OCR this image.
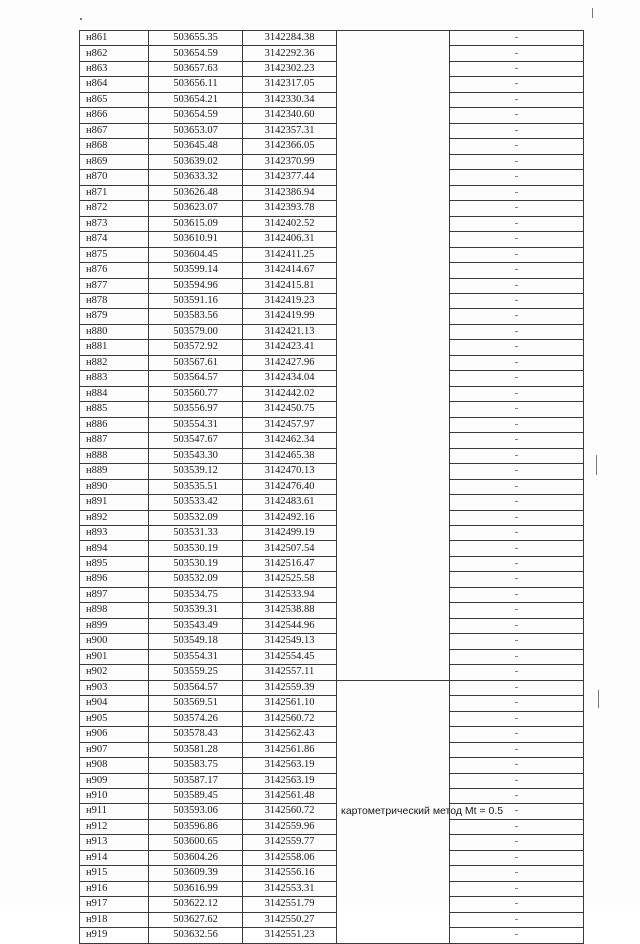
н861	503655.35	3142284.38		-
н862	503654.59	3142292.36		-
н863	503657.63	3142302.23		-
н864	503656.11	3142317.05		-
н865	503654.21	3142330.34		-
н866	503654.59	3142340.60		-
н867	503653.07	3142357.31		-
н868	503645.48	3142366.05		-
н869	503639.02	3142370.99		-
н870	503633.32	3142377.44		-
н871	503626.48	3142386.94		-
н872	503623.07	3142393.78		-
н873	503615.09	3142402.52		-
н874	503610.91	3142406.31		-
н875	503604.45	3142411.25		-
н876	503599.14	3142414.67		-
н877	503594.96	3142415.81		-
н878	503591.16	3142419.23		-
н879	503583.56	3142419.99		-
н880	503579.00	3142421.13		-
н881	503572.92	3142423.41		-
н882	503567.61	3142427.96		-
н883	503564.57	3142434.04		-
н884	503560.77	3142442.02		-
н885	503556.97	3142450.75		-
н886	503554.31	3142457.97		-
н887	503547.67	3142462.34		-
н888	503543.30	3142465.38		-
н889	503539.12	3142470.13		-
н890	503535.51	3142476.40		-
н891	503533.42	3142483.61		-
н892	503532.09	3142492.16		-
н893	503531.33	3142499.19		-
н894	503530.19	3142507.54		-
н895	503530.19	3142516.47		-
н896	503532.09	3142525.58		-
н897	503534.75	3142533.94		-
н898	503539.31	3142538.88		-
н899	503543.49	3142544.96		-
н900	503549.18	3142549.13		-
н901	503554.31	3142554.45		-
н902	503559.25	3142557.11		-
н903	503564.57	3142559.39	картометрический метод Mt = 0.5	-
н904	503569.51	3142561.10		-
н905	503574.26	3142560.72		-
н906	503578.43	3142562.43		-
н907	503581.28	3142561.86		-
н908	503583.75	3142563.19		-
н909	503587.17	3142563.19		-
н910	503589.45	3142561.48		-
н911	503593.06	3142560.72		-
н912	503596.86	3142559.96		-
н913	503600.65	3142559.77		-
н914	503604.26	3142558.06		-
н915	503609.39	3142556.16		-
н916	503616.99	3142553.31		-
н917	503622.12	3142551.79		-
н918	503627.62	3142550.27		-
н919	503632.56	3142551.23		-
